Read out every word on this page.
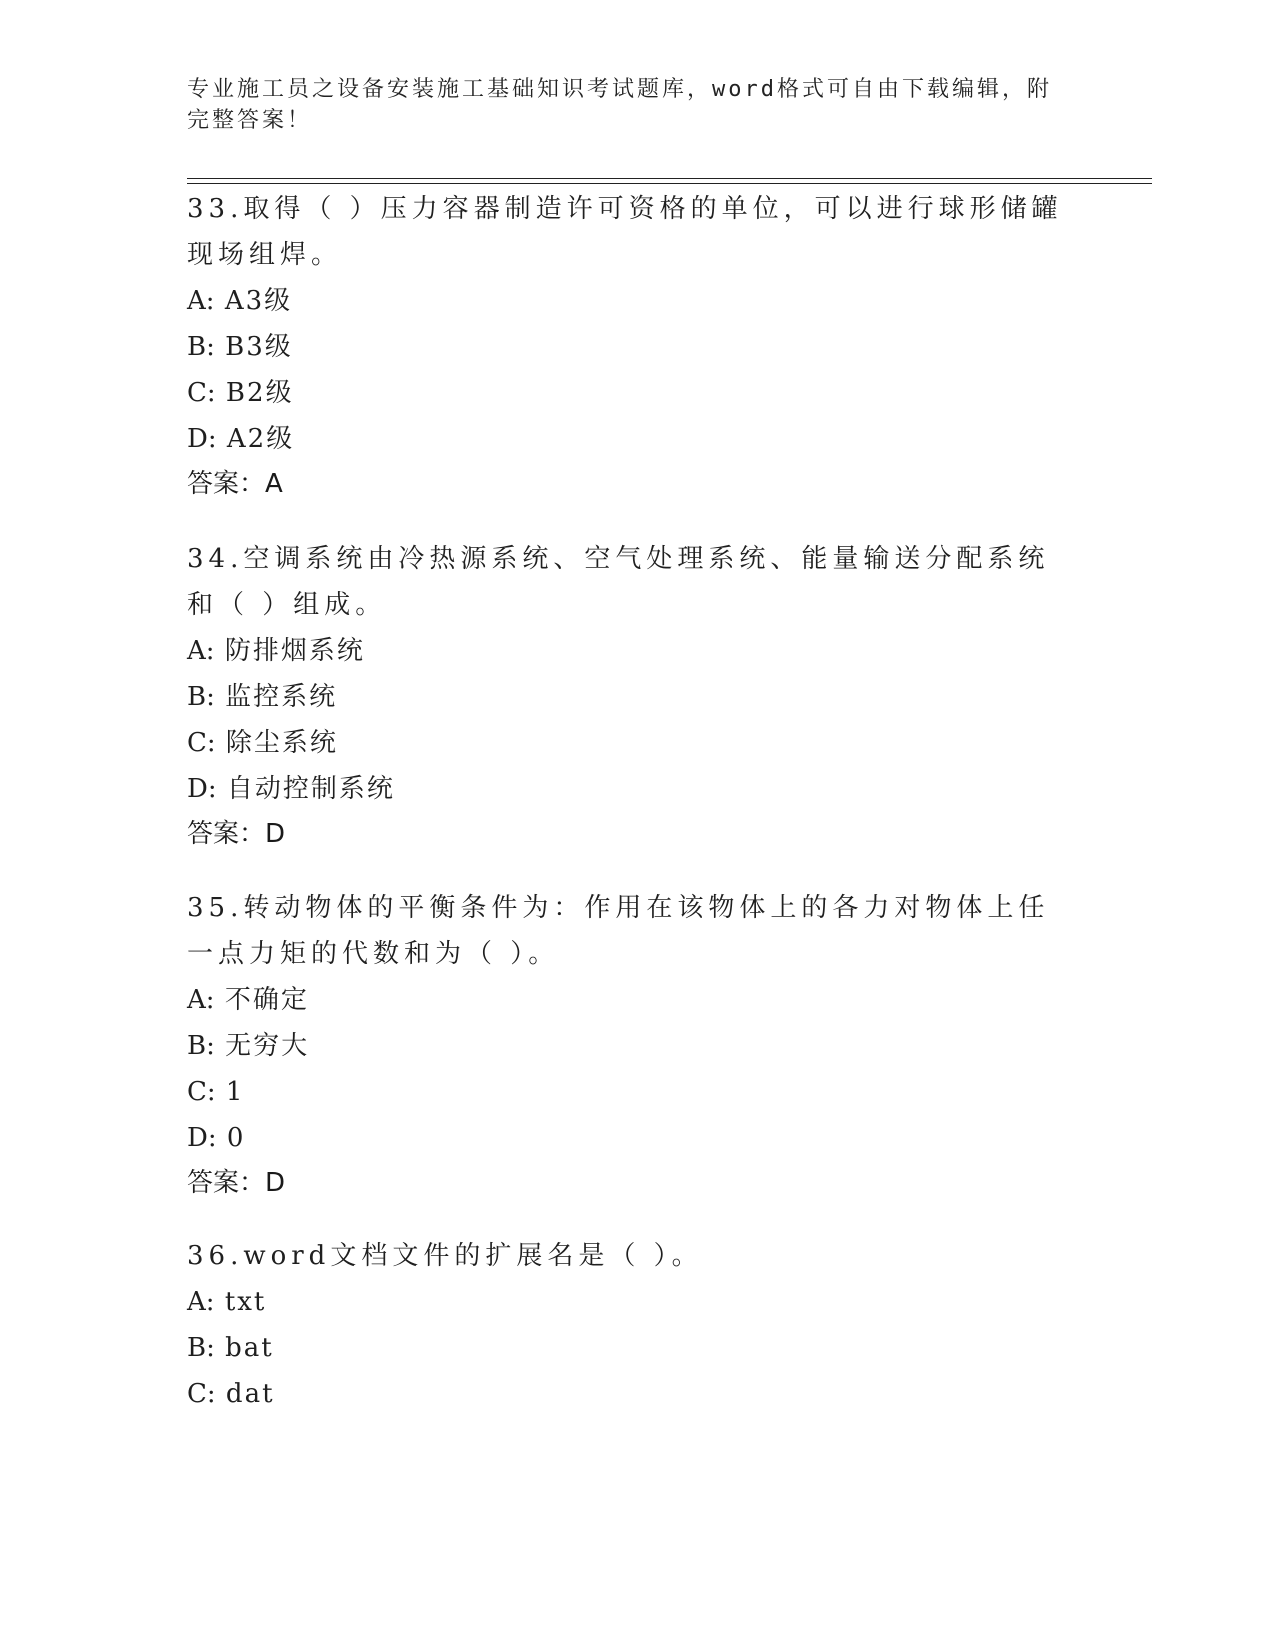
专业施工员之设备安装施工基础知识考试题库，word格式可自由下载编辑，附完整答案！

33.取得（ ）压力容器制造许可资格的单位，可以进行球形储罐现场组焊。

A: A3级

B: B3级

C: B2级

D: A2级

答案：A

34.空调系统由冷热源系统、空气处理系统、能量输送分配系统和（ ）组成。

A: 防排烟系统

B: 监控系统

C: 除尘系统

D: 自动控制系统

答案：D

35.转动物体的平衡条件为：作用在该物体上的各力对物体上任一点力矩的代数和为（ ）。

A: 不确定

B: 无穷大

C: 1

D: 0

答案：D

36.word文档文件的扩展名是（ ）。

A: txt

B: bat

C: dat
